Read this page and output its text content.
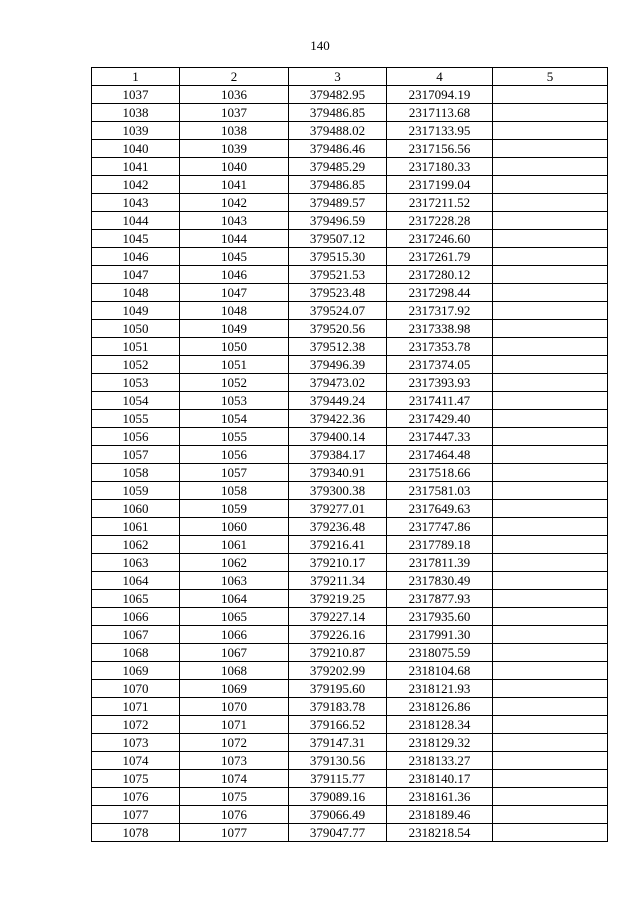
140
1	2	3	4	5
1037	1036	379482.95	2317094.19	
1038	1037	379486.85	2317113.68	
1039	1038	379488.02	2317133.95	
1040	1039	379486.46	2317156.56	
1041	1040	379485.29	2317180.33	
1042	1041	379486.85	2317199.04	
1043	1042	379489.57	2317211.52	
1044	1043	379496.59	2317228.28	
1045	1044	379507.12	2317246.60	
1046	1045	379515.30	2317261.79	
1047	1046	379521.53	2317280.12	
1048	1047	379523.48	2317298.44	
1049	1048	379524.07	2317317.92	
1050	1049	379520.56	2317338.98	
1051	1050	379512.38	2317353.78	
1052	1051	379496.39	2317374.05	
1053	1052	379473.02	2317393.93	
1054	1053	379449.24	2317411.47	
1055	1054	379422.36	2317429.40	
1056	1055	379400.14	2317447.33	
1057	1056	379384.17	2317464.48	
1058	1057	379340.91	2317518.66	
1059	1058	379300.38	2317581.03	
1060	1059	379277.01	2317649.63	
1061	1060	379236.48	2317747.86	
1062	1061	379216.41	2317789.18	
1063	1062	379210.17	2317811.39	
1064	1063	379211.34	2317830.49	
1065	1064	379219.25	2317877.93	
1066	1065	379227.14	2317935.60	
1067	1066	379226.16	2317991.30	
1068	1067	379210.87	2318075.59	
1069	1068	379202.99	2318104.68	
1070	1069	379195.60	2318121.93	
1071	1070	379183.78	2318126.86	
1072	1071	379166.52	2318128.34	
1073	1072	379147.31	2318129.32	
1074	1073	379130.56	2318133.27	
1075	1074	379115.77	2318140.17	
1076	1075	379089.16	2318161.36	
1077	1076	379066.49	2318189.46	
1078	1077	379047.77	2318218.54	
